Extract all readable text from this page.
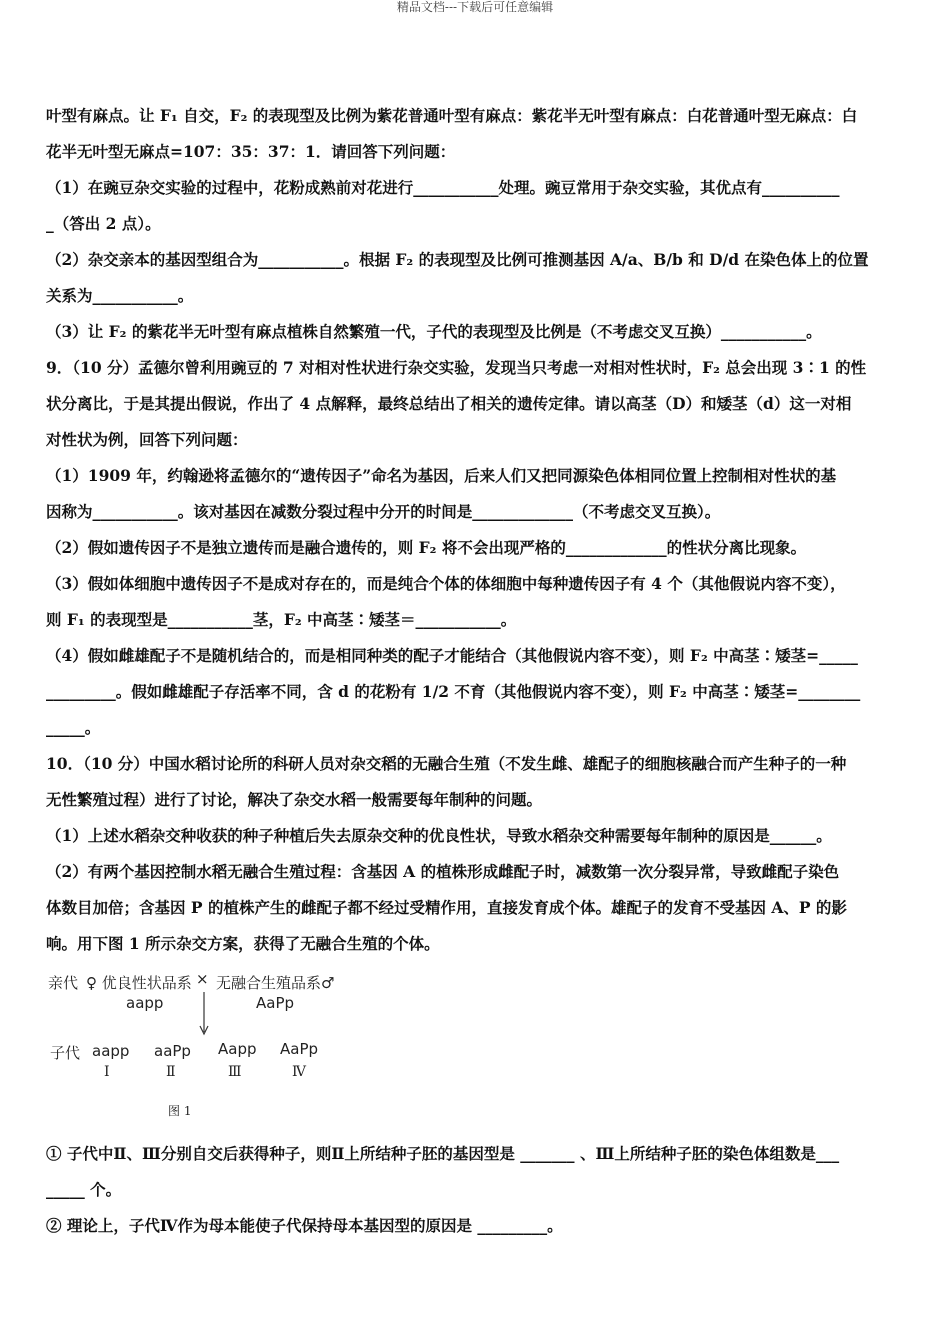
精品文档---下载后可任意编辑

叶型有麻点。让 F₁ 自交，F₂ 的表现型及比例为紫花普通叶型有麻点：紫花半无叶型有麻点：白花普通叶型无麻点：白

花半无叶型无麻点=107：35：37：1．请回答下列问题：

（1）在豌豆杂交实验的过程中，花粉成熟前对花进行___________处理。豌豆常用于杂交实验，其优点有__________

_（答出 2 点）。

（2）杂交亲本的基因型组合为___________。根据 F₂ 的表现型及比例可推测基因 A/a、B/b 和 D/d 在染色体上的位置

关系为___________。

（3）让 F₂ 的紫花半无叶型有麻点植株自然繁殖一代，子代的表现型及比例是（不考虑交叉互换）___________。

9．（10 分）孟德尔曾利用豌豆的 7 对相对性状进行杂交实验，发现当只考虑一对相对性状时，F₂ 总会出现 3∶1 的性

状分离比，于是其提出假说，作出了 4 点解释，最终总结出了相关的遗传定律。请以高茎（D）和矮茎（d）这一对相

对性状为例，回答下列问题：

（1）1909 年，约翰逊将孟德尔的“遗传因子”命名为基因，后来人们又把同源染色体相同位置上控制相对性状的基

因称为___________。该对基因在减数分裂过程中分开的时间是_____________（不考虑交叉互换）。

（2）假如遗传因子不是独立遗传而是融合遗传的，则 F₂ 将不会出现严格的_____________的性状分离比现象。

（3）假如体细胞中遗传因子不是成对存在的，而是纯合个体的体细胞中每种遗传因子有 4 个（其他假说内容不变），

则 F₁ 的表现型是___________茎，F₂ 中高茎∶矮茎＝___________。

（4）假如雌雄配子不是随机结合的，而是相同种类的配子才能结合（其他假说内容不变），则 F₂ 中高茎∶矮茎=_____

_________。假如雌雄配子存活率不同，含 d 的花粉有 1/2 不育（其他假说内容不变），则 F₂ 中高茎∶矮茎=________

_____。

10．（10 分）中国水稻讨论所的科研人员对杂交稻的无融合生殖（不发生雌、雄配子的细胞核融合而产生种子的一种

无性繁殖过程）进行了讨论，解决了杂交水稻一般需要每年制种的问题。

（1）上述水稻杂交种收获的种子种植后失去原杂交种的优良性状，导致水稻杂交种需要每年制种的原因是______。

（2）有两个基因控制水稻无融合生殖过程：含基因 A 的植株形成雌配子时，减数第一次分裂异常，导致雌配子染色

体数目加倍；含基因 P 的植株产生的雌配子都不经过受精作用，直接发育成个体。雄配子的发育不受基因 A、P 的影

响。用下图 1 所示杂交方案，获得了无融合生殖的个体。

亲代 ♀ 优良性状品系 × 无融合生殖品系♂
aapp	AaPp
子代 aapp aaPp Aapp AaPp
Ⅰ	Ⅱ	Ⅲ	Ⅳ
图 1

① 子代中Ⅱ、Ⅲ分别自交后获得种子，则Ⅱ上所结种子胚的基因型是 _______ 、Ⅲ上所结种子胚的染色体组数是___

_____ 个。

② 理论上，子代Ⅳ作为母本能使子代保持母本基因型的原因是 _________。
